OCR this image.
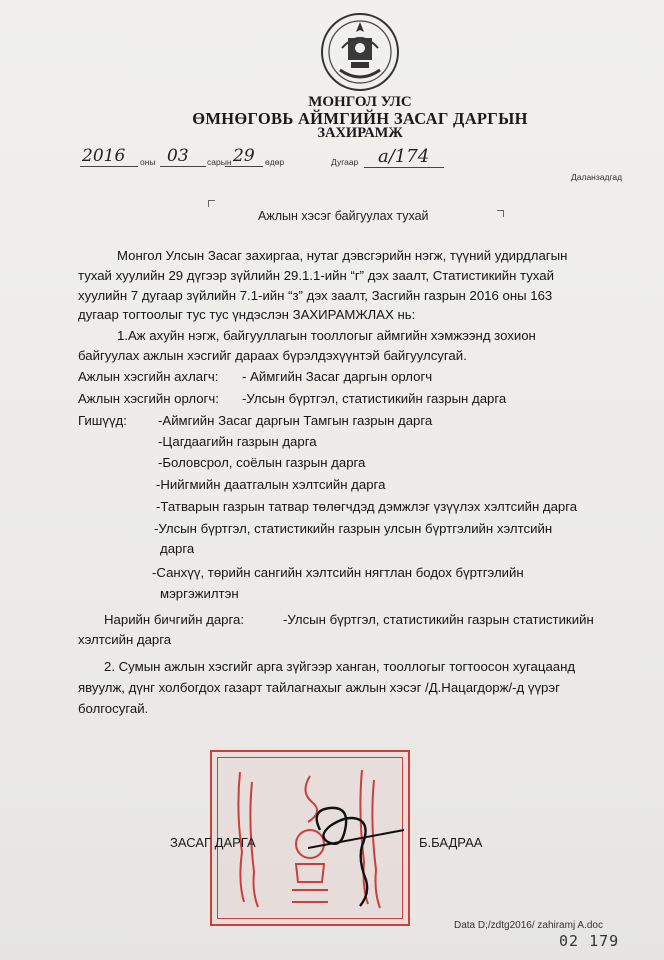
МОНГОЛ УЛС
ӨМНӨГОВЬ АЙМГИЙН ЗАСАГ ДАРГЫН
ЗАХИРАМЖ
2016 оны 03 сарын 29 өдөр	Дугаар а/174
Даланзадгад
Ажлын хэсэг байгуулах тухай
Монгол Улсын Засаг захиргаа, нутаг дэвсгэрийн нэгж, түүний удирдлагын
тухай хуулийн 29 дүгээр зүйлийн 29.1.1-ийн “г” дэх заалт, Статистикийн тухай
хуулийн 7 дугаар зүйлийн 7.1-ийн “з” дэх заалт, Засгийн газрын 2016 оны 163
дугаар тогтоолыг тус тус үндэслэн ЗАХИРАМЖЛАХ нь:
1.Аж ахуйн нэгж, байгууллагын тооллогыг аймгийн хэмжээнд зохион
байгуулах ажлын хэсгийг дараах бүрэлдэхүүнтэй байгуулсугай.
Ажлын хэсгийн ахлагч: - Аймгийн Засаг даргын орлогч
Ажлын хэсгийн орлогч: -Улсын бүртгэл, статистикийн газрын дарга
Гишүүд: -Аймгийн Засаг даргын Тамгын газрын дарга
-Цагдаагийн газрын дарга
-Боловсрол, соёлын газрын дарга
-Нийгмийн даатгалын хэлтсийн дарга
-Татварын газрын татвар төлөгчдэд дэмжлэг үзүүлэх хэлтсийн дарга
-Улсын бүртгэл, статистикийн газрын улсын бүртгэлийн хэлтсийн
дарга
-Санхүү, төрийн сангийн хэлтсийн нягтлан бодох бүртгэлийн
мэргэжилтэн
Нарийн бичгийн дарга:	-Улсын бүртгэл, статистикийн газрын статистикийн
хэлтсийн дарга
2. Сумын ажлын хэсгийг арга зүйгээр ханган, тооллогыг тогтоосон хугацаанд
явуулж, дүнг холбогдох газарт тайлагнахыг ажлын хэсэг /Д.Нацагдорж/-д үүрэг
болгосугай.
ЗАСАГ ДАРГА	Б.БАДРАА
Data D;/zdtg2016/ zahiramj A.doc
02 179
